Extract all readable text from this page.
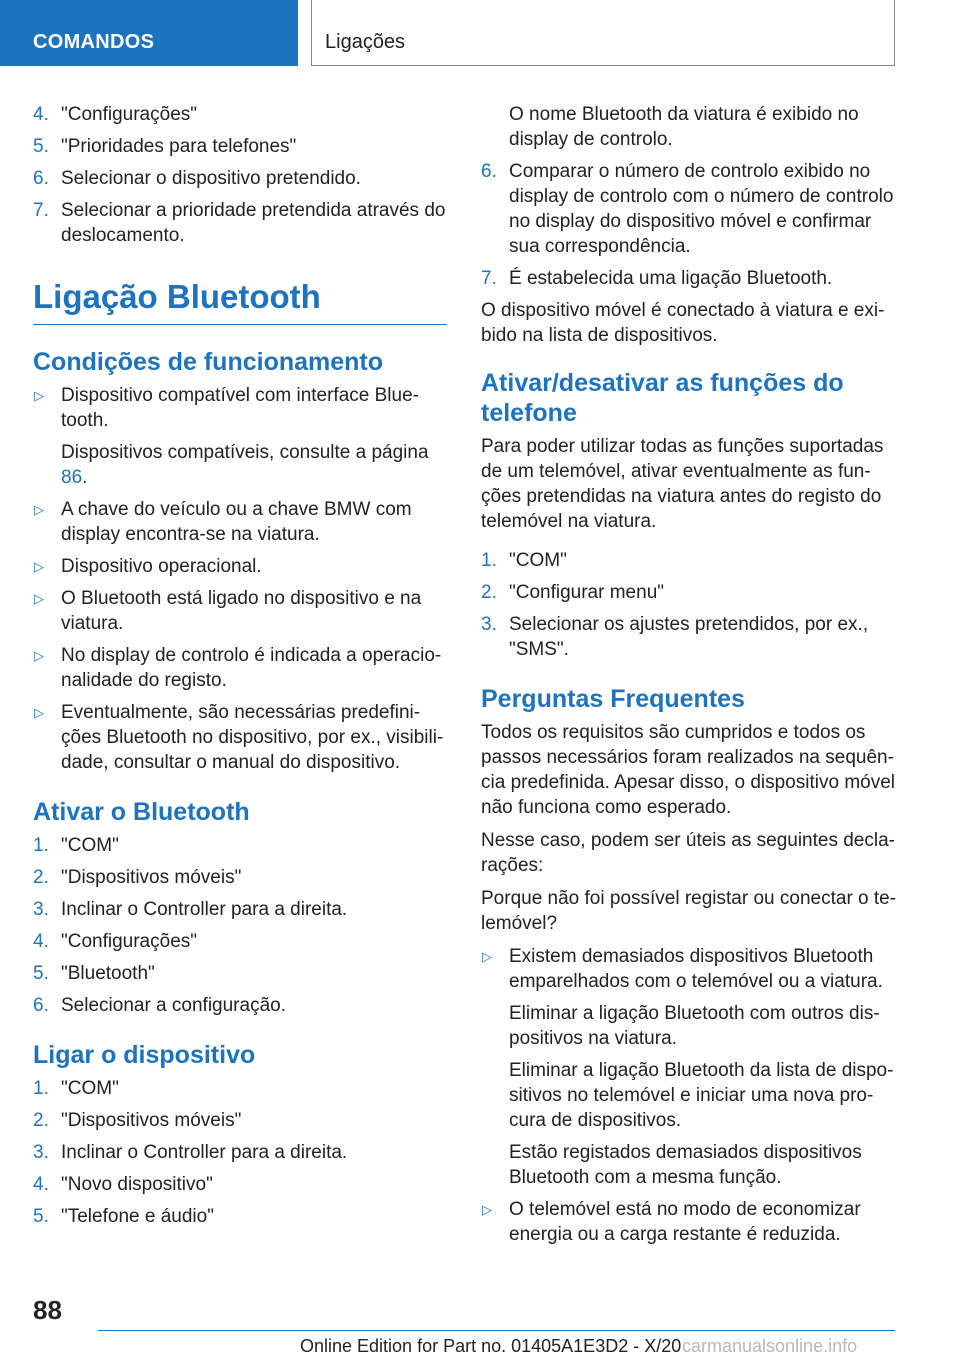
COMANDOS	Ligações
4. "Configurações"
5. "Prioridades para telefones"
6. Selecionar o dispositivo pretendido.
7. Selecionar a prioridade pretendida através do deslocamento.
Ligação Bluetooth
Condições de funcionamento
▷ Dispositivo compatível com interface Bluetooth.
Dispositivos compatíveis, consulte a página 86.
▷ A chave do veículo ou a chave BMW com display encontra-se na viatura.
▷ Dispositivo operacional.
▷ O Bluetooth está ligado no dispositivo e na viatura.
▷ No display de controlo é indicada a operacionalidade do registo.
▷ Eventualmente, são necessárias predefinições Bluetooth no dispositivo, por ex., visibilidade, consultar o manual do dispositivo.
Ativar o Bluetooth
1. "COM"
2. "Dispositivos móveis"
3. Inclinar o Controller para a direita.
4. "Configurações"
5. "Bluetooth"
6. Selecionar a configuração.
Ligar o dispositivo
1. "COM"
2. "Dispositivos móveis"
3. Inclinar o Controller para a direita.
4. "Novo dispositivo"
5. "Telefone e áudio"
O nome Bluetooth da viatura é exibido no display de controlo.
6. Comparar o número de controlo exibido no display de controlo com o número de controlo no display do dispositivo móvel e confirmar sua correspondência.
7. É estabelecida uma ligação Bluetooth.

O dispositivo móvel é conectado à viatura e exibido na lista de dispositivos.

Ativar/desativar as funções do telefone

Para poder utilizar todas as funções suportadas de um telemóvel, ativar eventualmente as funções pretendidas na viatura antes do registo do telemóvel na viatura.

1. "COM"
2. "Configurar menu"
3. Selecionar os ajustes pretendidos, por ex., "SMS".
Perguntas Frequentes

Todos os requisitos são cumpridos e todos os passos necessários foram realizados na sequência predefinida. Apesar disso, o dispositivo móvel não funciona como esperado.

Nesse caso, podem ser úteis as seguintes declarações:

Porque não foi possível registar ou conectar o telemóvel?

▷ Existem demasiados dispositivos Bluetooth emparelhados com o telemóvel ou a viatura.
Eliminar a ligação Bluetooth com outros dispositivos na viatura.
Eliminar a ligação Bluetooth da lista de dispositivos no telemóvel e iniciar uma nova procura de dispositivos.
Estão registados demasiados dispositivos Bluetooth com a mesma função.
▷ O telemóvel está no modo de economizar energia ou a carga restante é reduzida.
88
Online Edition for Part no. 01405A1E3D2 - X/20 carmanualsonline.info
